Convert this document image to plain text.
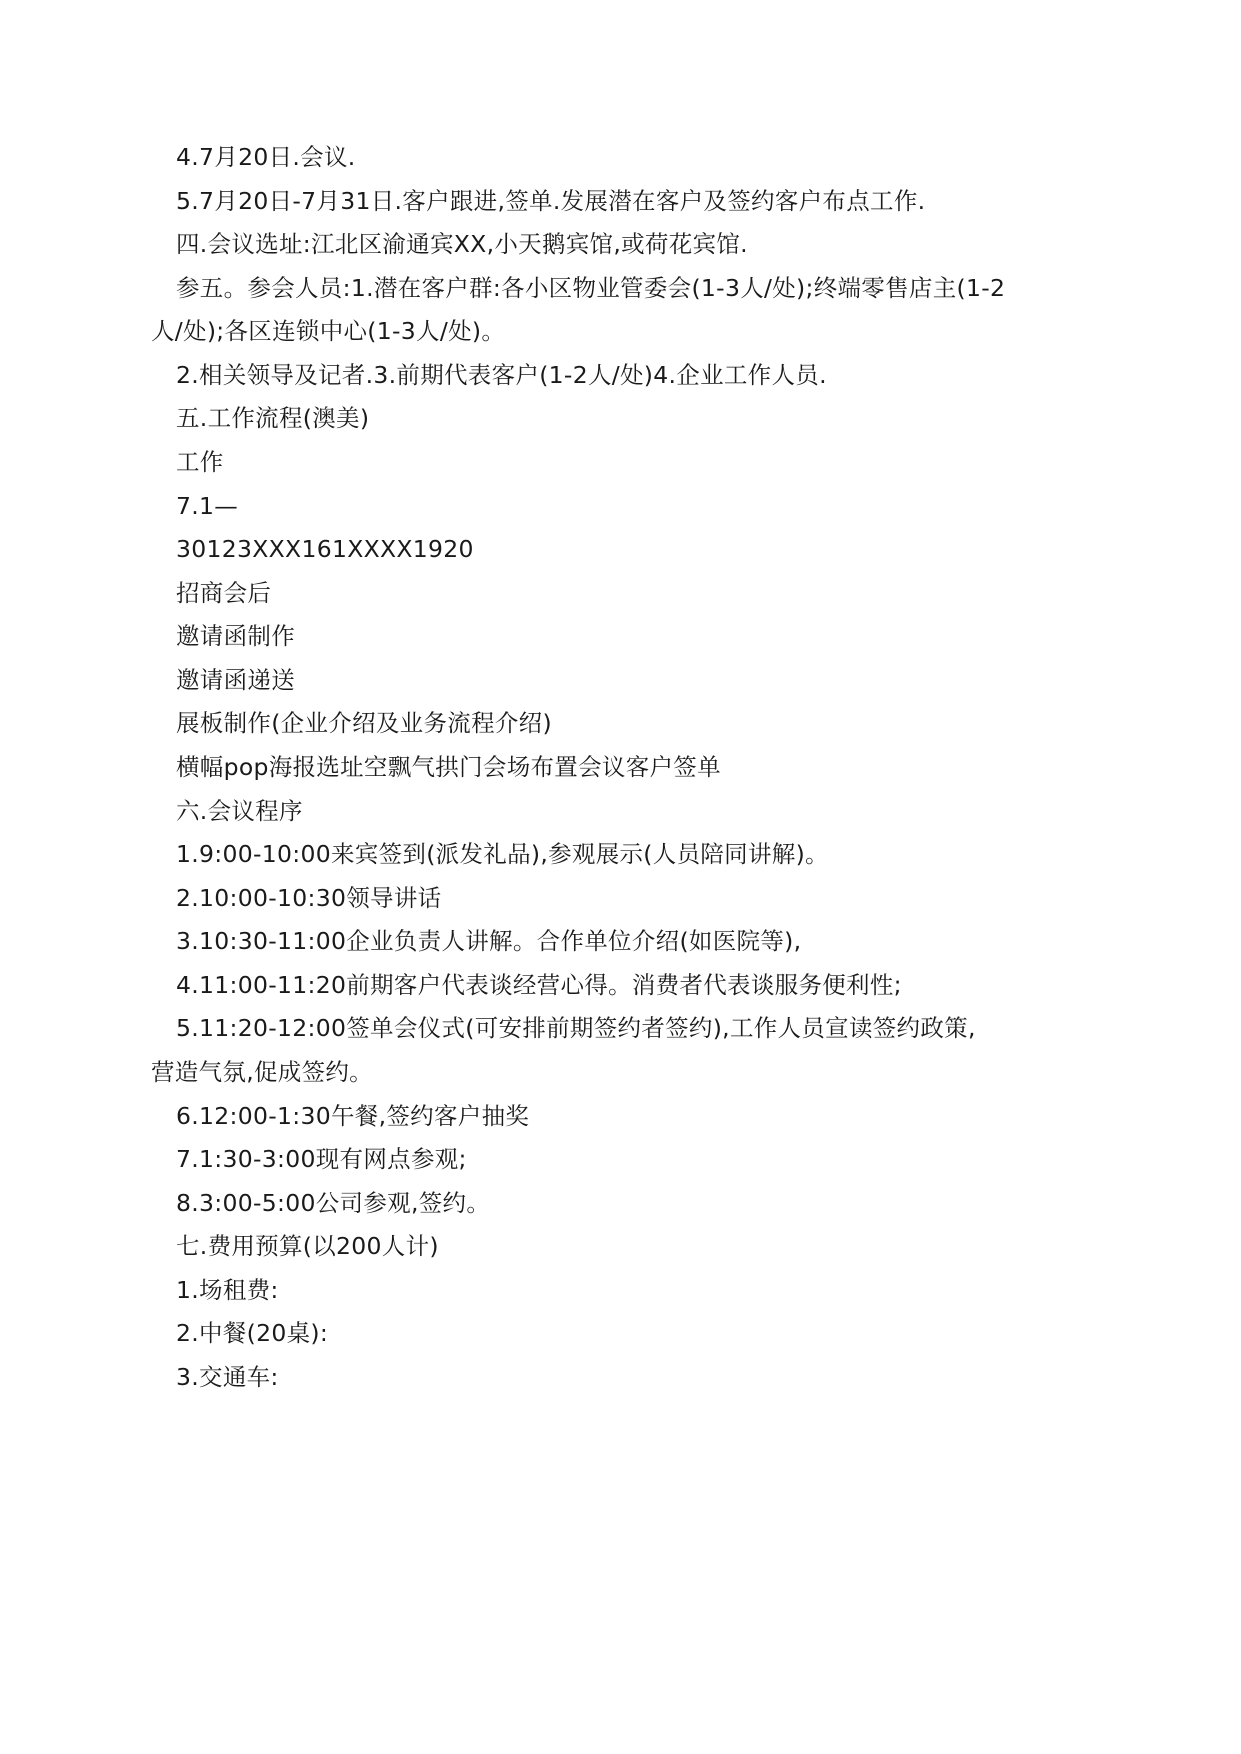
4.7月20日.会议.
5.7月20日-7月31日.客户跟进,签单.发展潜在客户及签约客户布点工作.
四.会议选址:江北区渝通宾XX,小天鹅宾馆,或荷花宾馆.
参五。参会人员:1.潜在客户群:各小区物业管委会(1-3人/处);终端零售店主(1-2
人/处);各区连锁中心(1-3人/处)。
2.相关领导及记者.3.前期代表客户(1-2人/处)4.企业工作人员.
五.工作流程(澳美)
工作
7.1—
30123XXX161XXXX1920
招商会后
邀请函制作
邀请函递送
展板制作(企业介绍及业务流程介绍)
横幅pop海报选址空飘气拱门会场布置会议客户签单
六.会议程序
1.9:00-10:00来宾签到(派发礼品),参观展示(人员陪同讲解)。
2.10:00-10:30领导讲话
3.10:30-11:00企业负责人讲解。合作单位介绍(如医院等),
4.11:00-11:20前期客户代表谈经营心得。消费者代表谈服务便利性;
5.11:20-12:00签单会仪式(可安排前期签约者签约),工作人员宣读签约政策,
营造气氛,促成签约。
6.12:00-1:30午餐,签约客户抽奖
7.1:30-3:00现有网点参观;
8.3:00-5:00公司参观,签约。
七.费用预算(以200人计)
1.场租费:
2.中餐(20桌):
3.交通车:
